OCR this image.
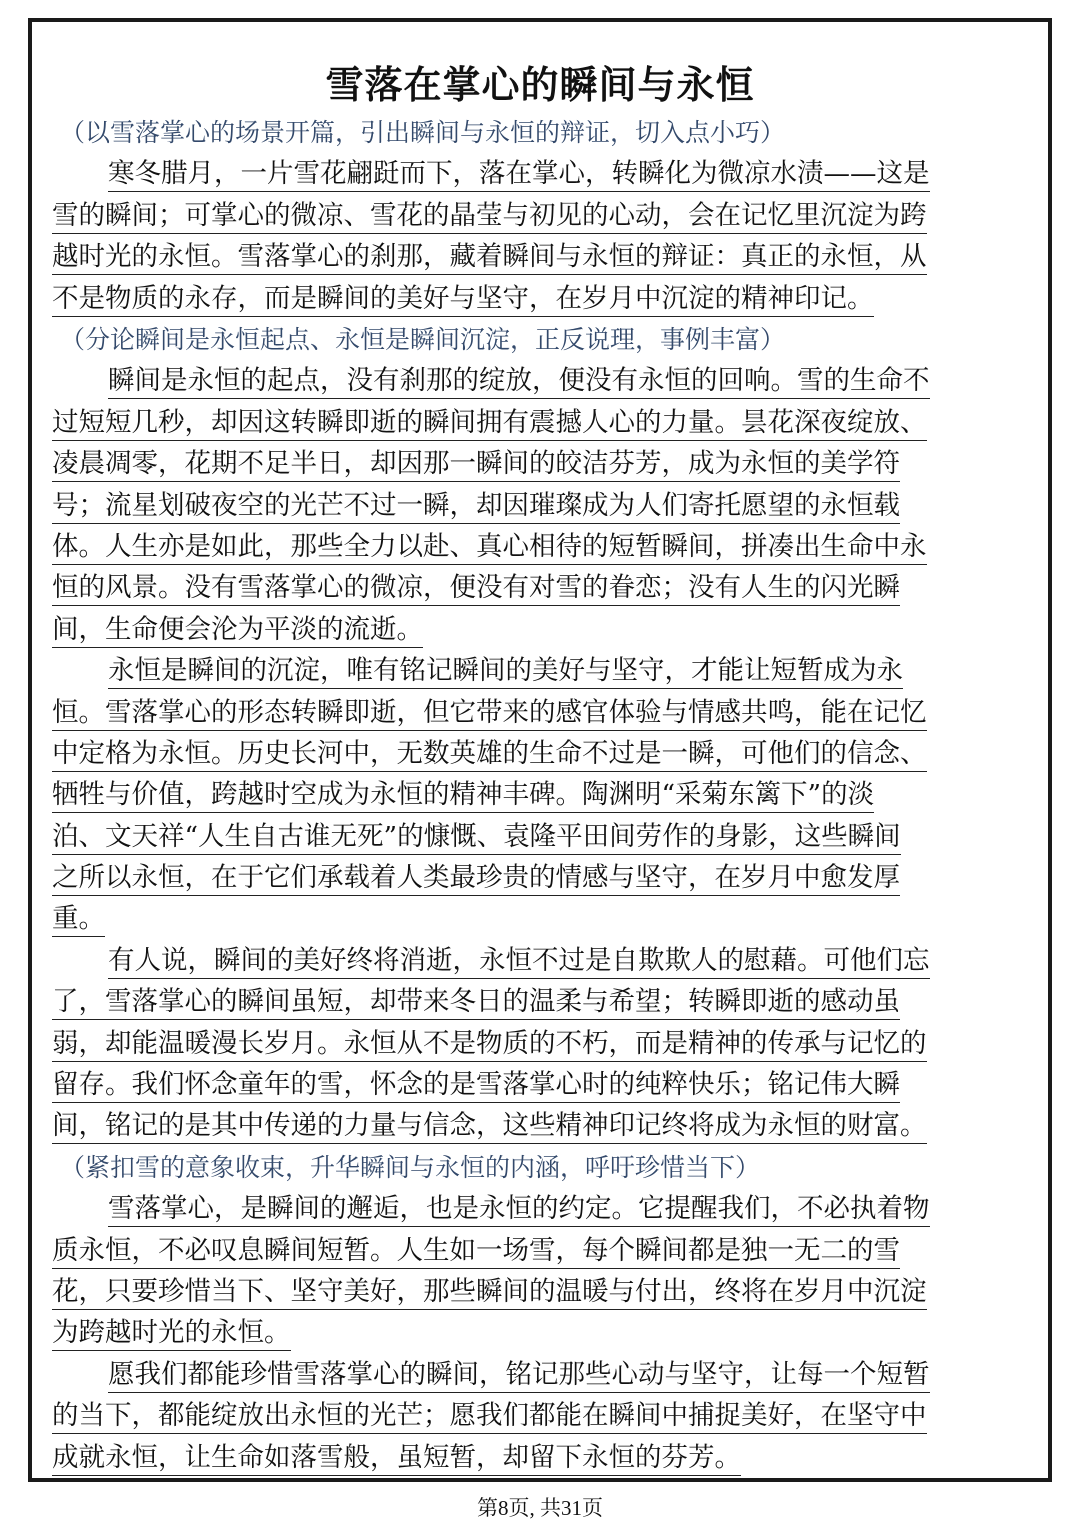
雪落在掌心的瞬间与永恒
（以雪落掌心的场景开篇，引出瞬间与永恒的辩证，切入点小巧）
寒冬腊月，一片雪花翩跹而下，落在掌心，转瞬化为微凉水渍——这是
雪的瞬间；可掌心的微凉、雪花的晶莹与初见的心动，会在记忆里沉淀为跨
越时光的永恒。雪落掌心的刹那，藏着瞬间与永恒的辩证：真正的永恒，从
不是物质的永存，而是瞬间的美好与坚守，在岁月中沉淀的精神印记。
（分论瞬间是永恒起点、永恒是瞬间沉淀，正反说理，事例丰富）
瞬间是永恒的起点，没有刹那的绽放，便没有永恒的回响。雪的生命不
过短短几秒，却因这转瞬即逝的瞬间拥有震撼人心的力量。昙花深夜绽放、
凌晨凋零，花期不足半日，却因那一瞬间的皎洁芬芳，成为永恒的美学符
号；流星划破夜空的光芒不过一瞬，却因璀璨成为人们寄托愿望的永恒载
体。人生亦是如此，那些全力以赴、真心相待的短暂瞬间，拼凑出生命中永
恒的风景。没有雪落掌心的微凉，便没有对雪的眷恋；没有人生的闪光瞬
间，生命便会沦为平淡的流逝。
永恒是瞬间的沉淀，唯有铭记瞬间的美好与坚守，才能让短暂成为永
恒。雪落掌心的形态转瞬即逝，但它带来的感官体验与情感共鸣，能在记忆
中定格为永恒。历史长河中，无数英雄的生命不过是一瞬，可他们的信念、
牺牲与价值，跨越时空成为永恒的精神丰碑。陶渊明“采菊东篱下”的淡
泊、文天祥“人生自古谁无死”的慷慨、袁隆平田间劳作的身影，这些瞬间
之所以永恒，在于它们承载着人类最珍贵的情感与坚守，在岁月中愈发厚
重。
有人说，瞬间的美好终将消逝，永恒不过是自欺欺人的慰藉。可他们忘
了，雪落掌心的瞬间虽短，却带来冬日的温柔与希望；转瞬即逝的感动虽
弱，却能温暖漫长岁月。永恒从不是物质的不朽，而是精神的传承与记忆的
留存。我们怀念童年的雪，怀念的是雪落掌心时的纯粹快乐；铭记伟大瞬
间，铭记的是其中传递的力量与信念，这些精神印记终将成为永恒的财富。
（紧扣雪的意象收束，升华瞬间与永恒的内涵，呼吁珍惜当下）
雪落掌心，是瞬间的邂逅，也是永恒的约定。它提醒我们，不必执着物
质永恒，不必叹息瞬间短暂。人生如一场雪，每个瞬间都是独一无二的雪
花，只要珍惜当下、坚守美好，那些瞬间的温暖与付出，终将在岁月中沉淀
为跨越时光的永恒。
愿我们都能珍惜雪落掌心的瞬间，铭记那些心动与坚守，让每一个短暂
的当下，都能绽放出永恒的光芒；愿我们都能在瞬间中捕捉美好，在坚守中
成就永恒，让生命如落雪般，虽短暂，却留下永恒的芬芳。
第8页, 共31页
